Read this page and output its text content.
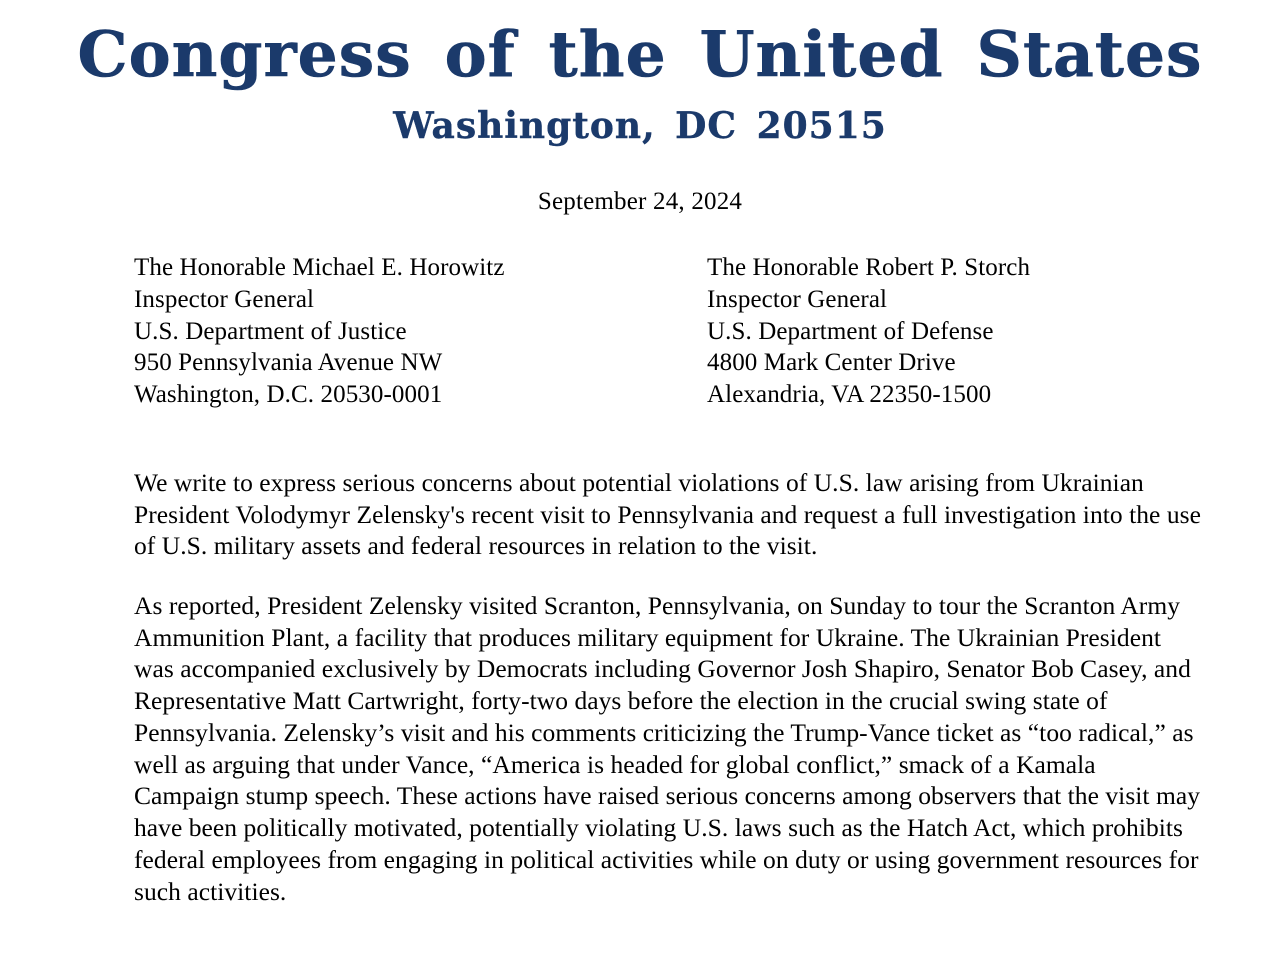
Congress of the United States
Washington, DC 20515
September 24, 2024
The Honorable Michael E. Horowitz
Inspector General
U.S. Department of Justice
950 Pennsylvania Avenue NW
Washington, D.C. 20530-0001
The Honorable Robert P. Storch
Inspector General
U.S. Department of Defense
4800 Mark Center Drive
Alexandria, VA 22350-1500

We write to express serious concerns about potential violations of U.S. law arising from Ukrainian President Volodymyr Zelensky's recent visit to Pennsylvania and request a full investigation into the use of U.S. military assets and federal resources in relation to the visit.

As reported, President Zelensky visited Scranton, Pennsylvania, on Sunday to tour the Scranton Army Ammunition Plant, a facility that produces military equipment for Ukraine. The Ukrainian President was accompanied exclusively by Democrats including Governor Josh Shapiro, Senator Bob Casey, and Representative Matt Cartwright, forty-two days before the election in the crucial swing state of Pennsylvania. Zelensky’s visit and his comments criticizing the Trump-Vance ticket as “too radical,” as well as arguing that under Vance, “America is headed for global conflict,” smack of a Kamala Campaign stump speech. These actions have raised serious concerns among observers that the visit may have been politically motivated, potentially violating U.S. laws such as the Hatch Act, which prohibits federal employees from engaging in political activities while on duty or using government resources for such activities.
